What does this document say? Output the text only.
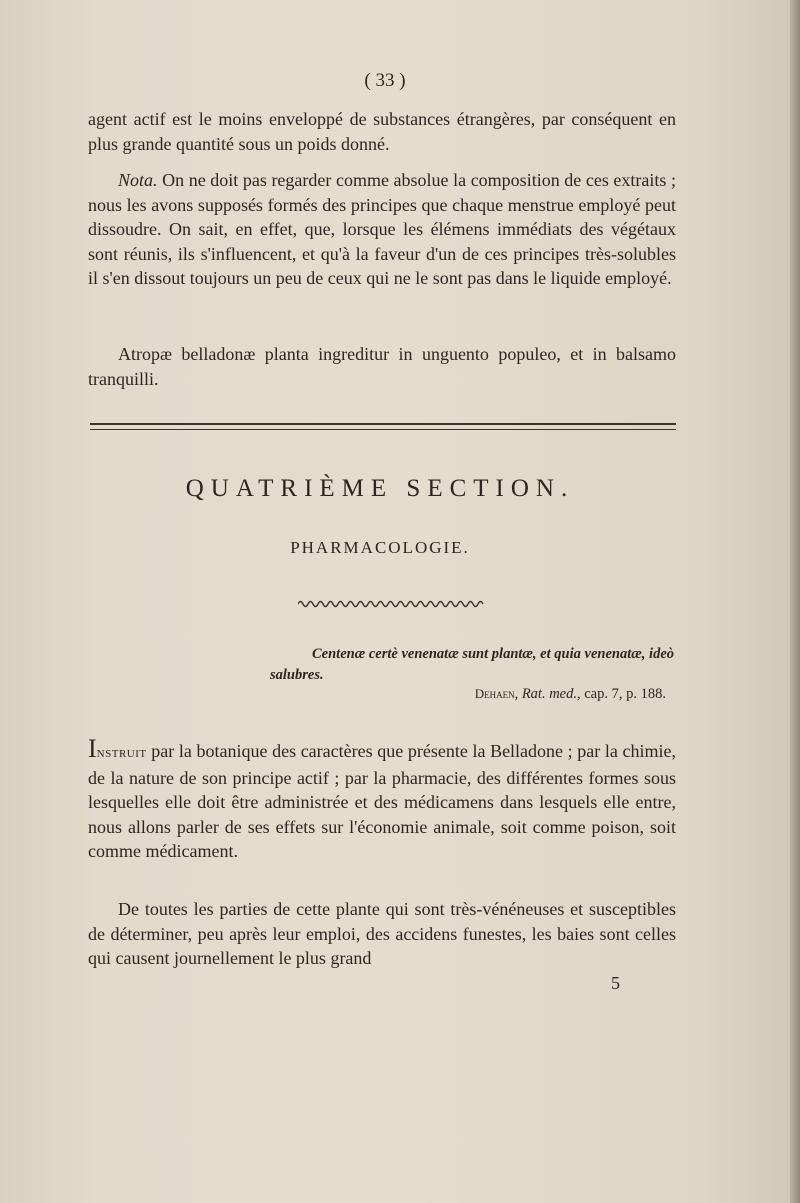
( 33 )

agent actif est le moins enveloppé de substances étrangères, par conséquent en plus grande quantité sous un poids donné.

Nota. On ne doit pas regarder comme absolue la composition de ces extraits ; nous les avons supposés formés des principes que chaque menstrue employé peut dissoudre. On sait, en effet, que, lorsque les élémens immédiats des végétaux sont réunis, ils s'influencent, et qu'à la faveur d'un de ces principes très-solubles il s'en dissout toujours un peu de ceux qui ne le sont pas dans le liquide employé.

Atropæ belladonæ planta ingreditur in unguento populeo, et in balsamo tranquilli.

QUATRIÈME SECTION.
PHARMACOLOGIE.

Centenæ certè venenatæ sunt plantæ, et quia venenatæ, ideò salubres.

Dehaen, Rat. med., cap. 7, p. 188.

Instruit par la botanique des caractères que présente la Belladone ; par la chimie, de la nature de son principe actif ; par la pharmacie, des différentes formes sous lesquelles elle doit être administrée et des médicamens dans lesquels elle entre, nous allons parler de ses effets sur l'économie animale, soit comme poison, soit comme médicament.

De toutes les parties de cette plante qui sont très-vénéneuses et susceptibles de déterminer, peu après leur emploi, des accidens funestes, les baies sont celles qui causent journellement le plus grand

5
